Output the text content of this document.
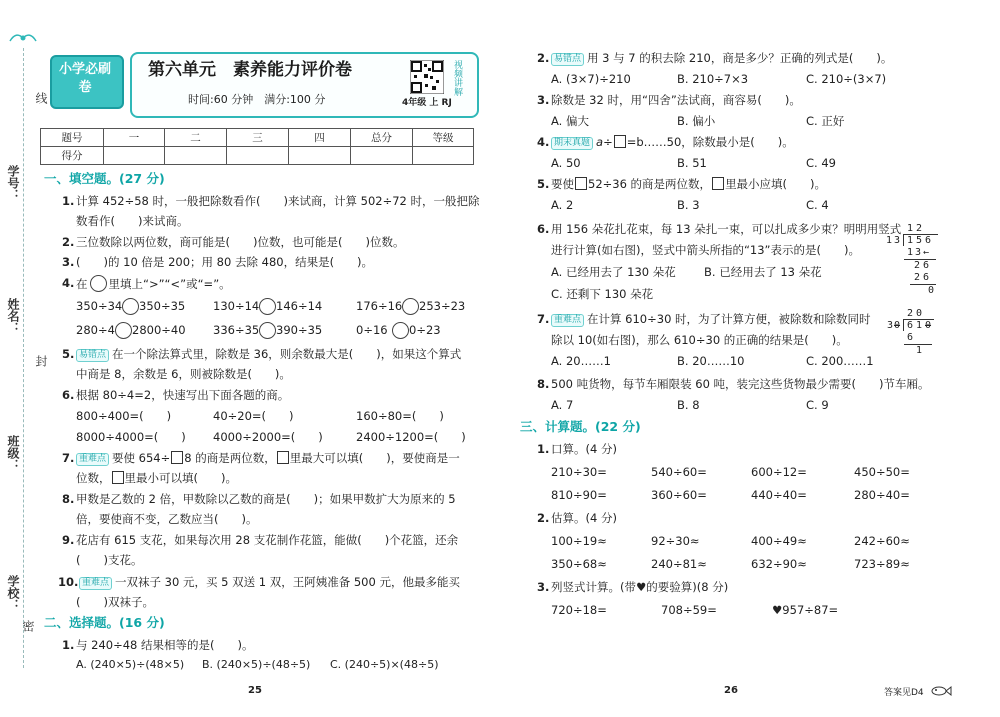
线
学号：
姓名：
封
班级：
学校：
密
小学必刷卷
第六单元　素养能力评价卷
时间:60 分钟　满分:100 分
视频讲解
4年级 上 RJ
题号	一	二	三	四	总分	等级
得分						
一、填空题。(27 分)
1. 计算 452÷58 时，一般把除数看作(　　)来试商，计算 502÷72 时，一般把除
数看作(　　)来试商。
2. 三位数除以两位数，商可能是(　　)位数，也可能是(　　)位数。
3. (　　)的 10 倍是 200；用 80 去除 480，结果是(　　)。
4. 在 里填上“>”“<”或“=”。
350÷34 350÷35 130÷14 146÷14	176÷16 253÷23
280÷4 2800÷40 336÷35 390÷35	0÷16 0÷23
5. 易错点 在一个除法算式里，除数是 36，则余数最大是(　　)，如果这个算式
中商是 8，余数是 6，则被除数是(　　)。
6. 根据 80÷4=2，快速写出下面各题的商。
800÷400=(　　)	40÷20=(　　)	160÷80=(　　)
8000÷4000=(　　) 4000÷2000=(　　)	2400÷1200=(　　)
7. 重难点 要使 654÷ 8 的商是两位数， 里最大可以填(　　)，要使商是一
位数， 里最小可以填(　　)。
8. 甲数是乙数的 2 倍，甲数除以乙数的商是(　　)；如果甲数扩大为原来的 5
倍，要使商不变，乙数应当(　　)。
9. 花店有 615 支花，如果每次用 28 支花制作花篮，能做(　　)个花篮，还余
(　　)支花。
10. 重难点 一双袜子 30 元，买 5 双送 1 双，王阿姨准备 500 元，他最多能买
(　　)双袜子。
二、选择题。(16 分)
1. 与 240÷48 结果相等的是(　　)。
A. (240×5)÷(48×5) B. (240×5)÷(48÷5) C. (240÷5)×(48÷5)
25
2. 易错点 用 3 与 7 的积去除 210，商是多少？正确的列式是(　　)。
A. (3×7)÷210	B. 210÷7×3	C. 210÷(3×7)
3. 除数是 32 时，用“四舍”法试商，商容易(　　)。
A. 偏大	B. 偏小	C. 正好
4. 期末真题 a÷ =b……50，除数最小是(　　)。
A. 50	B. 51	C. 49
5. 要使 52÷36 的商是两位数， 里最小应填(　　)。
A. 2	B. 3	C. 4
6. 用 156 朵花扎花束，每 13 朵扎一束，可以扎成多少束？明明用竖式
进行计算(如右图)，竖式中箭头所指的“13”表示的是(　　)。
A. 已经用去了 130 朵花 B. 已经用去了 13 朵花
C. 还剩下 130 朵花
12
13 156
13←
26
26
0
7. 重难点 在计算 610÷30 时，为了计算方便，被除数和除数同时
除以 10(如右图)，那么 610÷30 的正确的结果是(　　)。
A. 20……1	B. 20……10	C. 200……1
20
3 0 61 0
6
1
8. 500 吨货物，每节车厢限装 60 吨，装完这些货物最少需要(　　)节车厢。
A. 7	B. 8	C. 9
三、计算题。(22 分)
1. 口算。(4 分)
210÷30=	540÷60=	600÷12=	450÷50=
810÷90=	360÷60=	440÷40=	280÷40=
2. 估算。(4 分)
100÷19≈	92÷30≈	400÷49≈	242÷60≈
350÷68≈	240÷81≈	632÷90≈	723÷89≈
3. 列竖式计算。(带♥的要验算)(8 分)
720÷18=	708÷59=	♥957÷87=
26	答案见D4
